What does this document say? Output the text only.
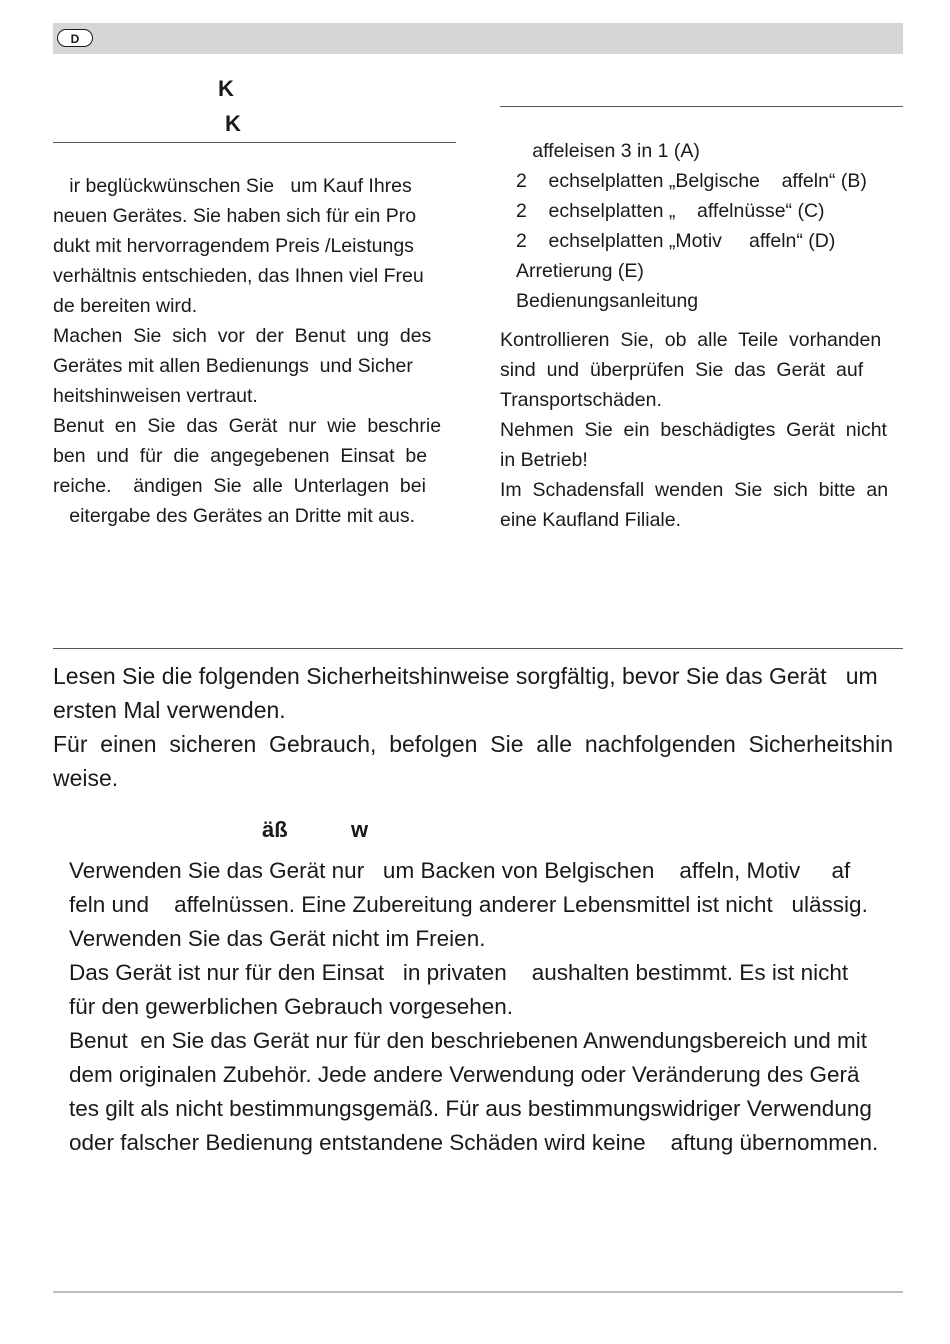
D
K
K
ir beglückwünschen Sie   um Kauf Ihres
neuen Gerätes. Sie haben sich für ein Pro
dukt mit hervorragendem Preis /Leistungs
verhältnis entschieden, das Ihnen viel Freu
de bereiten wird.
Machen  Sie  sich  vor  der  Benut  ung  des
Gerätes mit allen Bedienungs  und Sicher
heitshinweisen vertraut.
Benut  en  Sie  das  Gerät  nur  wie  beschrie
ben  und  für  die  angegebenen  Einsat  be
reiche.    ändigen  Sie  alle  Unterlagen  bei
eitergabe des Gerätes an Dritte mit aus.
affeleisen 3 in 1 (A)
2    echselplatten „Belgische    affeln“ (B)
2    echselplatten „    affelnüsse“ (C)
2    echselplatten „Motiv     affeln“ (D)
Arretierung (E)
Bedienungsanleitung
Kontrollieren  Sie,  ob  alle  Teile  vorhanden
sind  und  überprüfen  Sie  das  Gerät  auf
Transportschäden.
Nehmen  Sie  ein  beschädigtes  Gerät  nicht
in Betrieb!
Im  Schadensfall  wenden  Sie  sich  bitte  an
eine Kaufland Filiale.
Lesen Sie die folgenden Sicherheitshinweise sorgfältig, bevor Sie das Gerät   um
ersten Mal verwenden.
Für  einen  sicheren  Gebrauch,  befolgen  Sie  alle  nachfolgenden  Sicherheitshin
weise.
äß	w
Verwenden Sie das Gerät nur   um Backen von Belgischen    affeln, Motiv     af
feln und    affelnüssen. Eine Zubereitung anderer Lebensmittel ist nicht   ulässig.
Verwenden Sie das Gerät nicht im Freien.
Das Gerät ist nur für den Einsat   in privaten    aushalten bestimmt. Es ist nicht
für den gewerblichen Gebrauch vorgesehen.
Benut  en Sie das Gerät nur für den beschriebenen Anwendungsbereich und mit
dem originalen Zubehör. Jede andere Verwendung oder Veränderung des Gerä
tes gilt als nicht bestimmungsgemäß. Für aus bestimmungswidriger Verwendung
oder falscher Bedienung entstandene Schäden wird keine    aftung übernommen.
